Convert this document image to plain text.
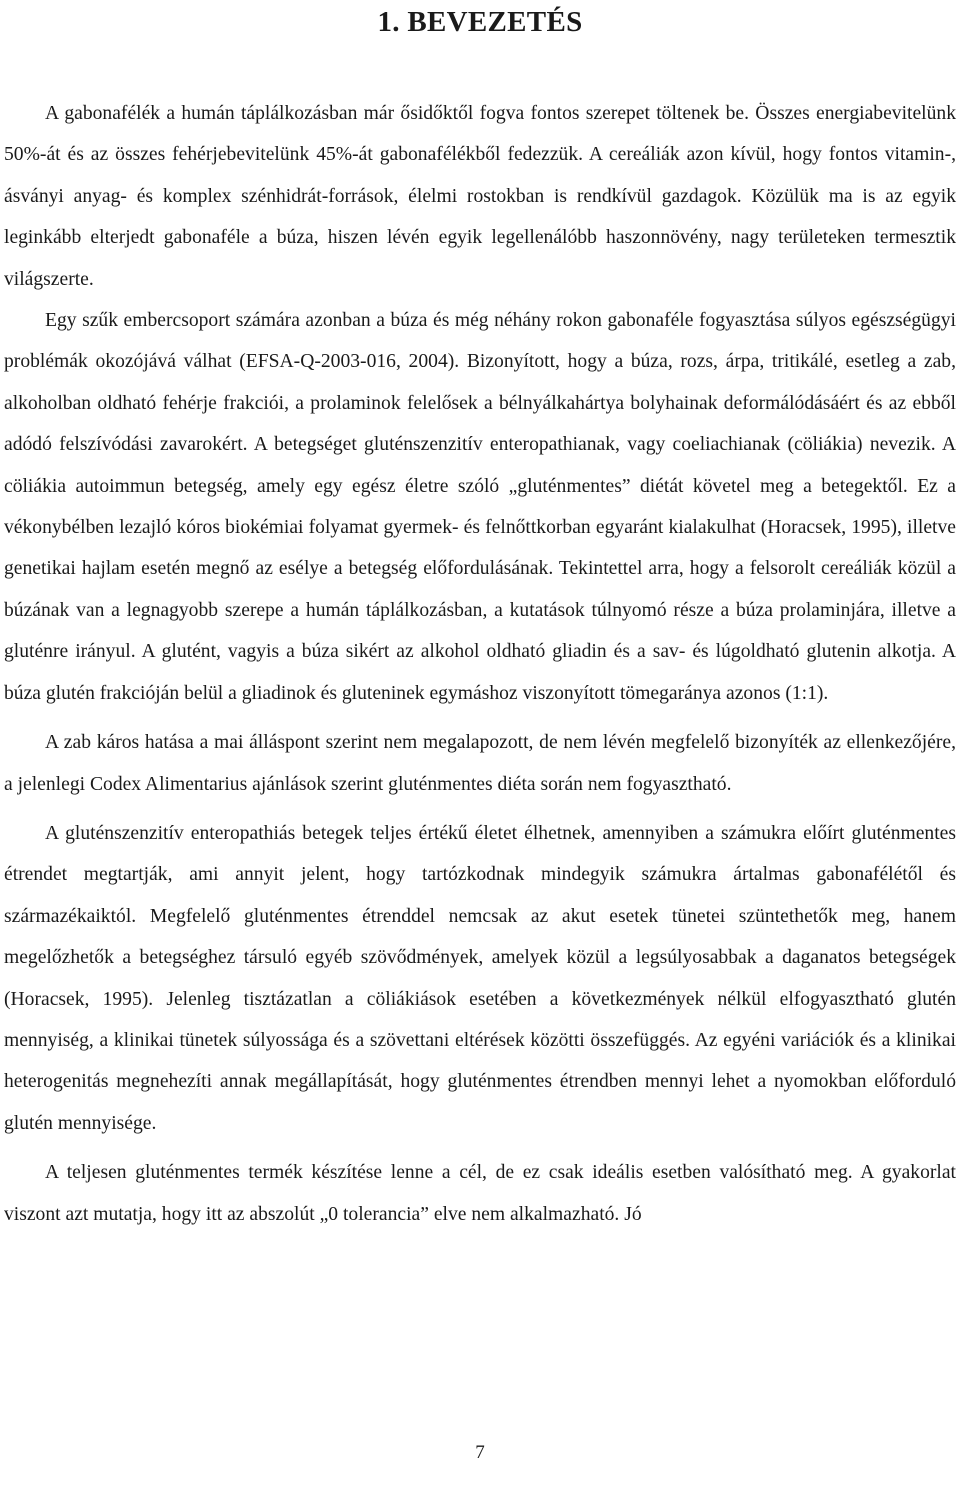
1. BEVEZETÉS

A gabonafélék a humán táplálkozásban már ősidőktől fogva fontos szerepet töltenek be. Összes energiabevitelünk 50%-át és az összes fehérjebevitelünk 45%-át gabonafélékből fedezzük. A cereáliák azon kívül, hogy fontos vitamin-, ásványi anyag- és komplex szénhidrát-források, élelmi rostokban is rendkívül gazdagok. Közülük ma is az egyik leginkább elterjedt gabonaféle a búza, hiszen lévén egyik legellenálóbb haszonnövény, nagy területeken termesztik világszerte.

Egy szűk embercsoport számára azonban a búza és még néhány rokon gabonaféle fogyasztása súlyos egészségügyi problémák okozójává válhat (EFSA-Q-2003-016, 2004). Bizonyított, hogy a búza, rozs, árpa, tritikálé, esetleg a zab, alkoholban oldható fehérje frakciói, a prolaminok felelősek a bélnyálkahártya bolyhainak deformálódásáért és az ebből adódó felszívódási zavarokért. A betegséget gluténszenzitív enteropathianak, vagy coeliachianak (cöliákia) nevezik. A cöliákia autoimmun betegség, amely egy egész életre szóló „gluténmentes” diétát követel meg a betegektől. Ez a vékonybélben lezajló kóros biokémiai folyamat gyermek- és felnőttkorban egyaránt kialakulhat (Horacsek, 1995), illetve genetikai hajlam esetén megnő az esélye a betegség előfordulásának. Tekintettel arra, hogy a felsorolt cereáliák közül a búzának van a legnagyobb szerepe a humán táplálkozásban, a kutatások túlnyomó része a búza prolaminjára, illetve a gluténre irányul. A glutént, vagyis a búza sikért az alkohol oldható gliadin és a sav- és lúgoldható glutenin alkotja. A búza glutén frakcióján belül a gliadinok és gluteninek egymáshoz viszonyított tömegaránya azonos (1:1).

A zab káros hatása a mai álláspont szerint nem megalapozott, de nem lévén megfelelő bizonyíték az ellenkezőjére, a jelenlegi Codex Alimentarius ajánlások szerint gluténmentes diéta során nem fogyasztható.

A gluténszenzitív enteropathiás betegek teljes értékű életet élhetnek, amennyiben a számukra előírt gluténmentes étrendet megtartják, ami annyit jelent, hogy tartózkodnak mindegyik számukra ártalmas gabonafélétől és származékaiktól. Megfelelő gluténmentes étrenddel nemcsak az akut esetek tünetei szüntethetők meg, hanem megelőzhetők a betegséghez társuló egyéb szövődmények, amelyek közül a legsúlyosabbak a daganatos betegségek (Horacsek, 1995). Jelenleg tisztázatlan a cöliákiások esetében a következmények nélkül elfogyasztható glutén mennyiség, a klinikai tünetek súlyossága és a szövettani eltérések közötti összefüggés. Az egyéni variációk és a klinikai heterogenitás megnehezíti annak megállapítását, hogy gluténmentes étrendben mennyi lehet a nyomokban előforduló glutén mennyisége.

A teljesen gluténmentes termék készítése lenne a cél, de ez csak ideális esetben valósítható meg. A gyakorlat viszont azt mutatja, hogy itt az abszolút „0 tolerancia” elve nem alkalmazható. Jó

7
